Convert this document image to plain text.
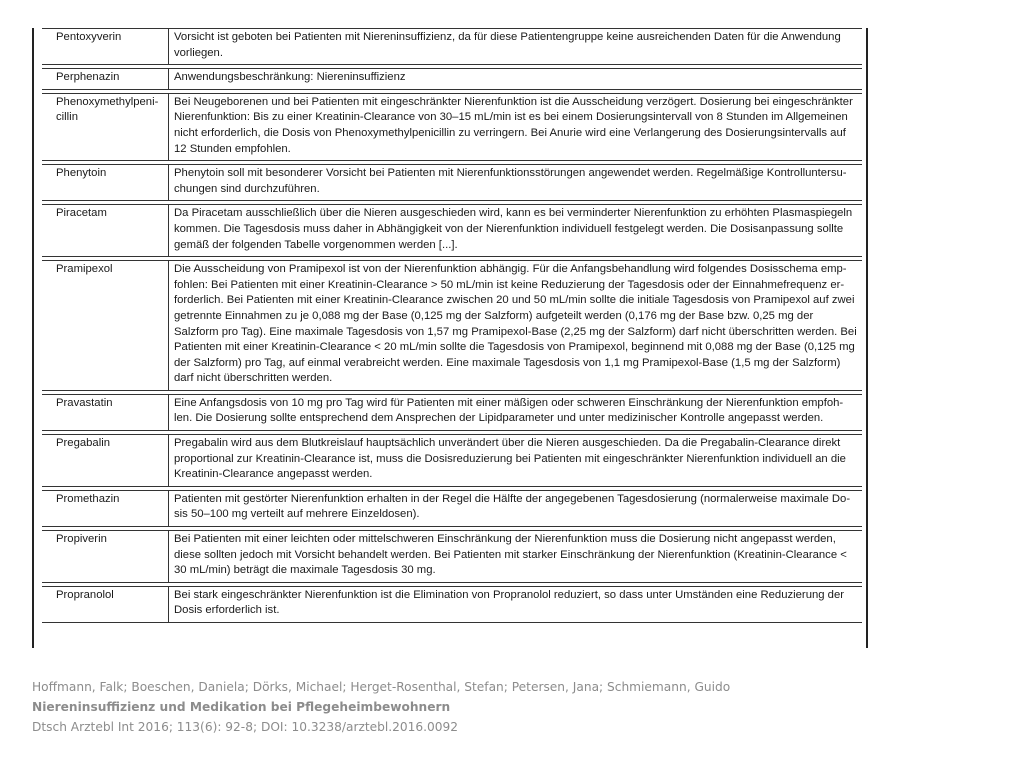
Pentoxyverin	Vorsicht ist geboten bei Patienten mit Niereninsuffizienz, da für diese Patientengruppe keine ausreichenden Daten für die Anwendung vorliegen.

Perphenazin	Anwendungsbeschränkung: Niereninsuffizienz

Phenoxymethylpeni-cillin	Bei Neugeborenen und bei Patienten mit eingeschränkter Nierenfunktion ist die Ausscheidung verzögert. Dosierung bei eingeschränkter Nierenfunktion: Bis zu einer Kreatinin-Clearance von 30–15 mL/min ist es bei einem Dosierungsintervall von 8 Stunden im Allgemeinen nicht erforderlich, die Dosis von Phenoxymethylpenicillin zu verringern. Bei Anurie wird eine Verlangerung des Dosierungsintervalls auf 12 Stunden empfohlen.

Phenytoin	Phenytoin soll mit besonderer Vorsicht bei Patienten mit Nierenfunktionsstörungen angewendet werden. Regelmäßige Kontrolluntersu-chungen sind durchzuführen.

Piracetam	Da Piracetam ausschließlich über die Nieren ausgeschieden wird, kann es bei verminderter Nierenfunktion zu erhöhten Plasmaspiegeln kommen. Die Tagesdosis muss daher in Abhängigkeit von der Nierenfunktion individuell festgelegt werden. Die Dosisanpassung sollte gemäß der folgenden Tabelle vorgenommen werden [...].

Pramipexol	Die Ausscheidung von Pramipexol ist von der Nierenfunktion abhängig. Für die Anfangsbehandlung wird folgendes Dosisschema emp-fohlen: Bei Patienten mit einer Kreatinin-Clearance > 50 mL/min ist keine Reduzierung der Tagesdosis oder der Einnahmefrequenz er-forderlich. Bei Patienten mit einer Kreatinin-Clearance zwischen 20 und 50 mL/min sollte die initiale Tagesdosis von Pramipexol auf zwei getrennte Einnahmen zu je 0,088 mg der Base (0,125 mg der Salzform) aufgeteilt werden (0,176 mg der Base bzw. 0,25 mg der Salzform pro Tag). Eine maximale Tagesdosis von 1,57 mg Pramipexol-Base (2,25 mg der Salzform) darf nicht überschritten werden. Bei Patienten mit einer Kreatinin-Clearance < 20 mL/min sollte die Tagesdosis von Pramipexol, beginnend mit 0,088 mg der Base (0,125 mg der Salzform) pro Tag, auf einmal verabreicht werden. Eine maximale Tagesdosis von 1,1 mg Pramipexol-Base (1,5 mg der Salzform) darf nicht überschritten werden.

Pravastatin	Eine Anfangsdosis von 10 mg pro Tag wird für Patienten mit einer mäßigen oder schweren Einschränkung der Nierenfunktion empfoh-len. Die Dosierung sollte entsprechend dem Ansprechen der Lipidparameter und unter medizinischer Kontrolle angepasst werden.

Pregabalin	Pregabalin wird aus dem Blutkreislauf hauptsächlich unverändert über die Nieren ausgeschieden. Da die Pregabalin-Clearance direkt proportional zur Kreatinin-Clearance ist, muss die Dosisreduzierung bei Patienten mit eingeschränkter Nierenfunktion individuell an die Kreatinin-Clearance angepasst werden.

Promethazin	Patienten mit gestörter Nierenfunktion erhalten in der Regel die Hälfte der angegebenen Tagesdosierung (normalerweise maximale Do-sis 50–100 mg verteilt auf mehrere Einzeldosen).

Propiverin	Bei Patienten mit einer leichten oder mittelschweren Einschränkung der Nierenfunktion muss die Dosierung nicht angepasst werden, diese sollten jedoch mit Vorsicht behandelt werden. Bei Patienten mit starker Einschränkung der Nierenfunktion (Kreatinin-Clearance < 30 mL/min) beträgt die maximale Tagesdosis 30 mg.

Propranolol	Bei stark eingeschränkter Nierenfunktion ist die Elimination von Propranolol reduziert, so dass unter Umständen eine Reduzierung der Dosis erforderlich ist.
Hoffmann, Falk; Boeschen, Daniela; Dörks, Michael; Herget-Rosenthal, Stefan; Petersen, Jana; Schmiemann, Guido
Niereninsuffizienz und Medikation bei Pflegeheimbewohnern
Dtsch Arztebl Int 2016; 113(6): 92-8; DOI: 10.3238/arztebl.2016.0092
